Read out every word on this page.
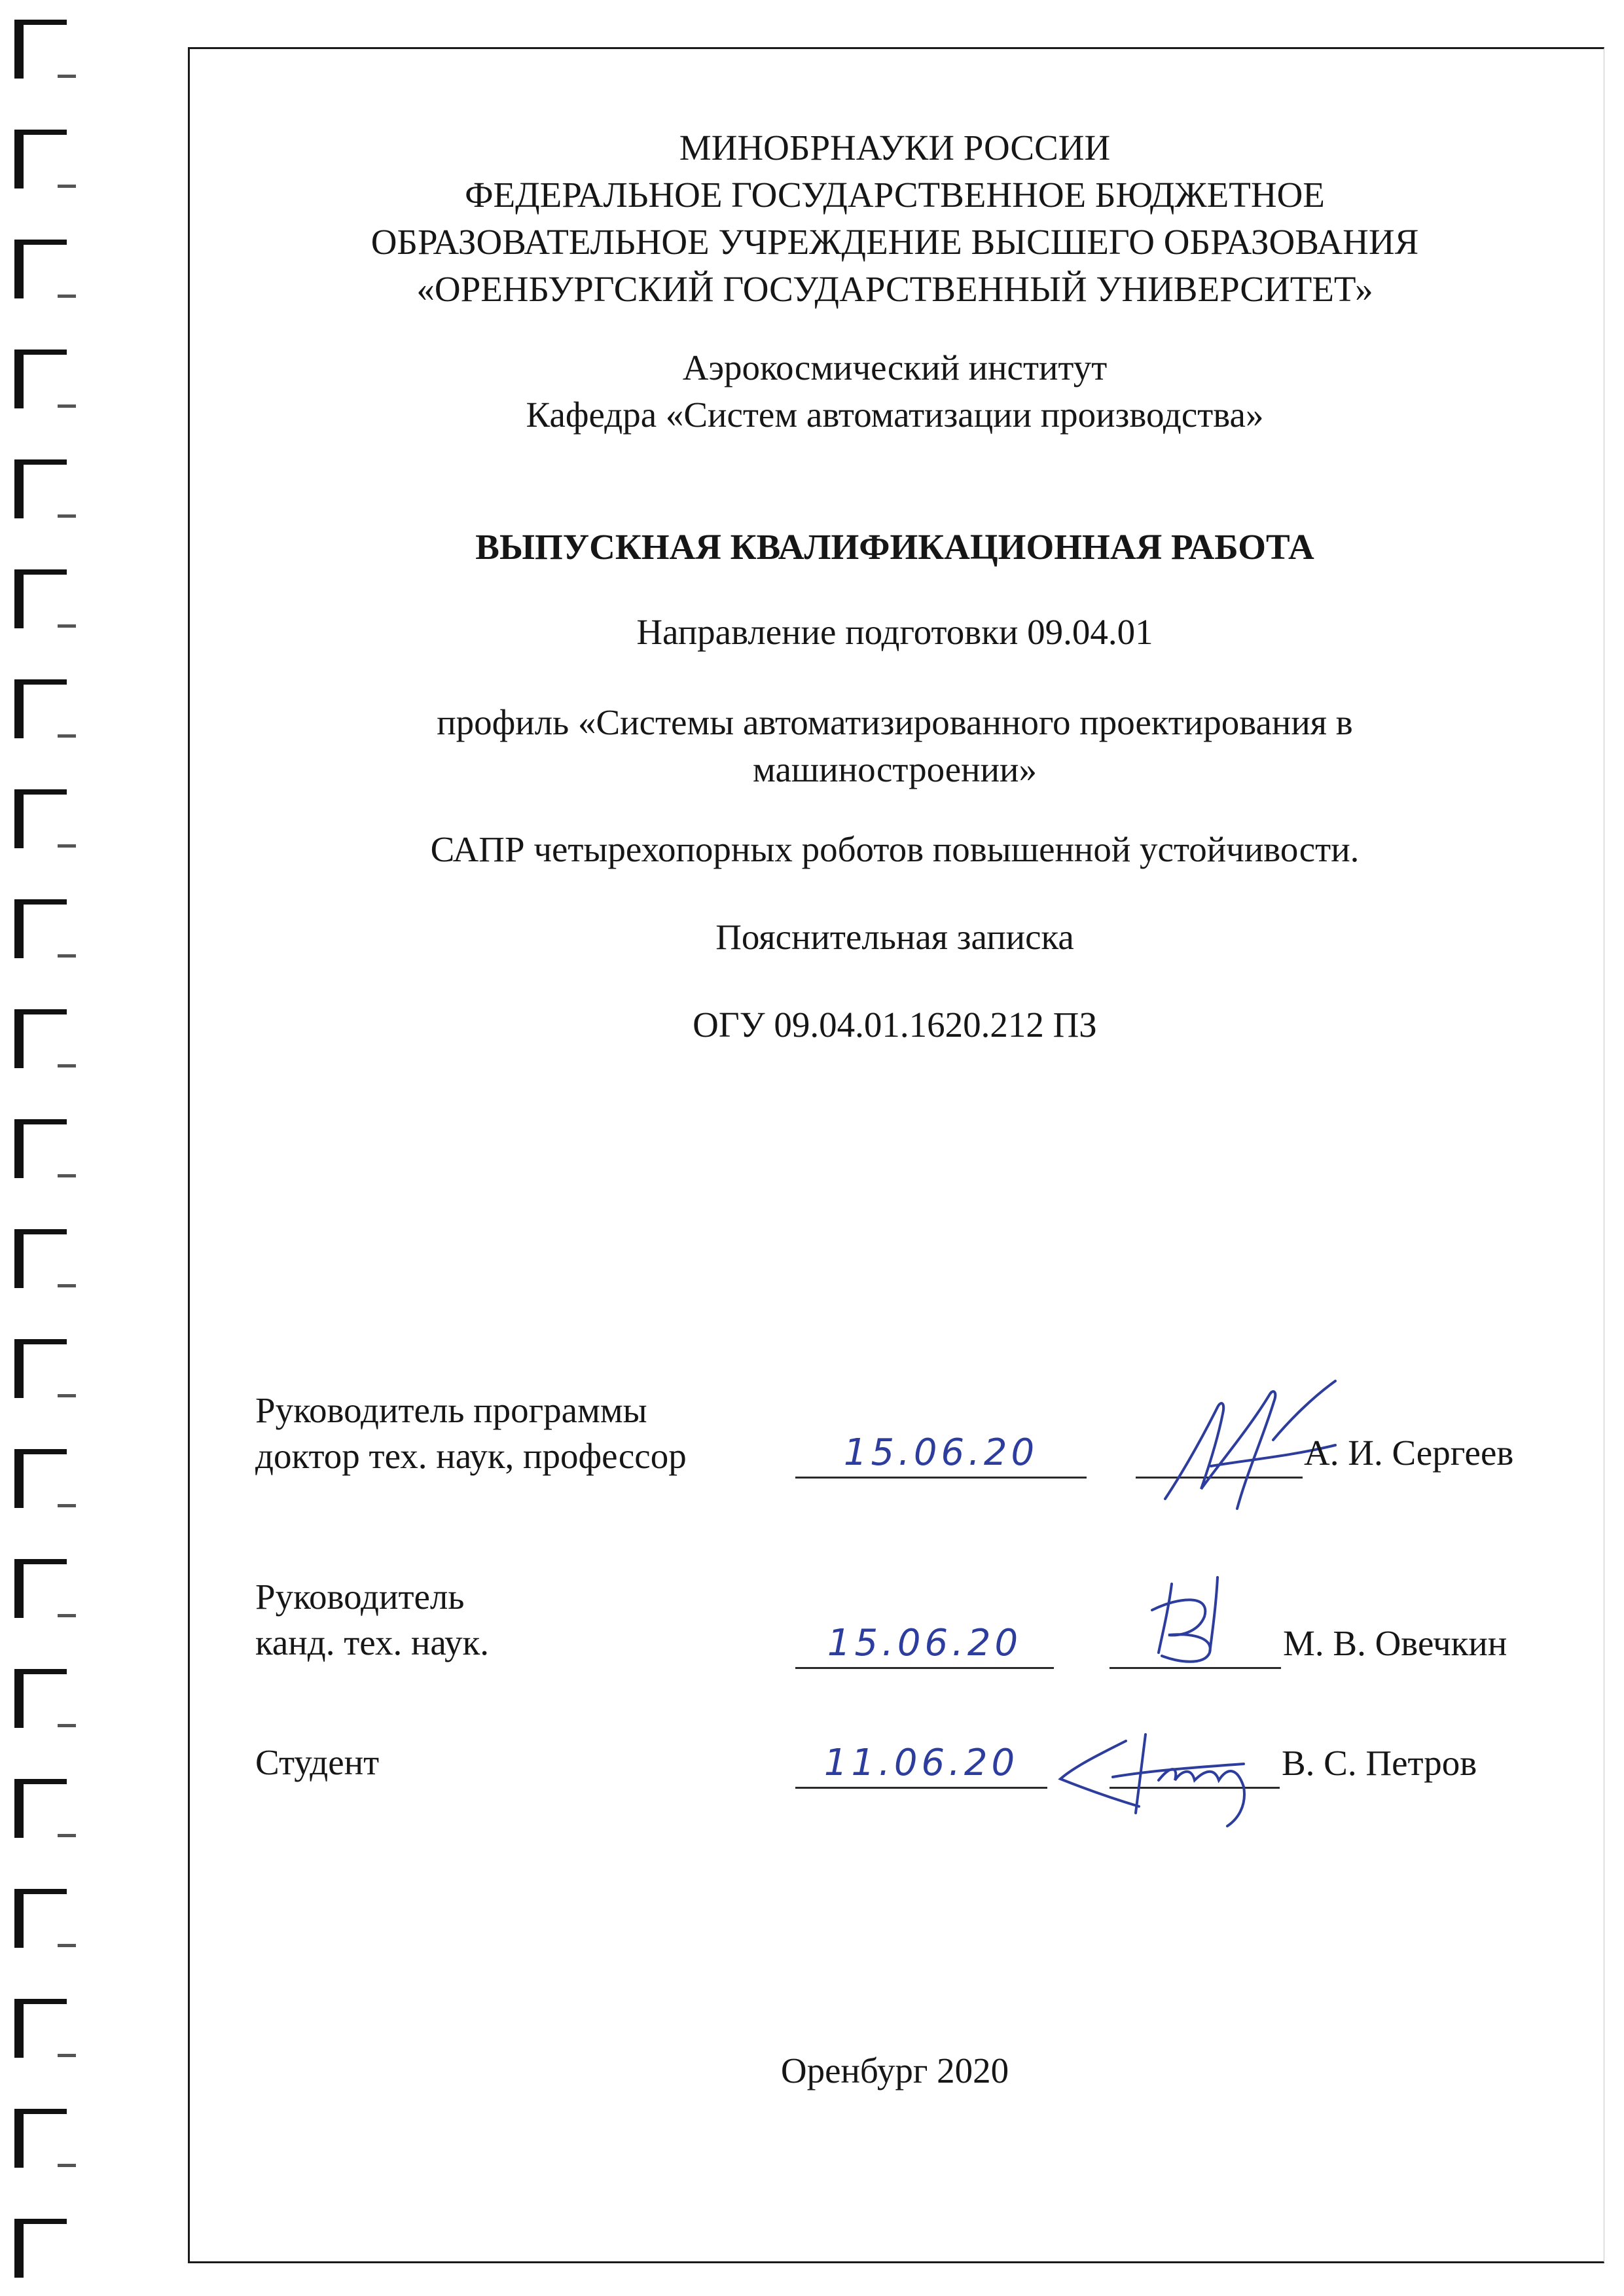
МИНОБРНАУКИ РОССИИ

ФЕДЕРАЛЬНОЕ ГОСУДАРСТВЕННОЕ БЮДЖЕТНОЕ

ОБРАЗОВАТЕЛЬНОЕ УЧРЕЖДЕНИЕ ВЫСШЕГО ОБРАЗОВАНИЯ

«ОРЕНБУРГСКИЙ ГОСУДАРСТВЕННЫЙ УНИВЕРСИТЕТ»

Аэрокосмический институт

Кафедра «Систем автоматизации производства»

ВЫПУСКНАЯ КВАЛИФИКАЦИОННАЯ РАБОТА

Направление подготовки 09.04.01

профиль «Системы автоматизированного проектирования в

машиностроении»

САПР четырехопорных роботов повышенной устойчивости.

Пояснительная записка

ОГУ 09.04.01.1620.212 ПЗ

Руководитель программы

доктор тех. наук, профессор	15.06.20	А. И. Сергеев

Руководитель

канд. тех. наук.	15.06.20	М. В. Овечкин

Студент	11.06.20	В. С. Петров

Оренбург 2020
